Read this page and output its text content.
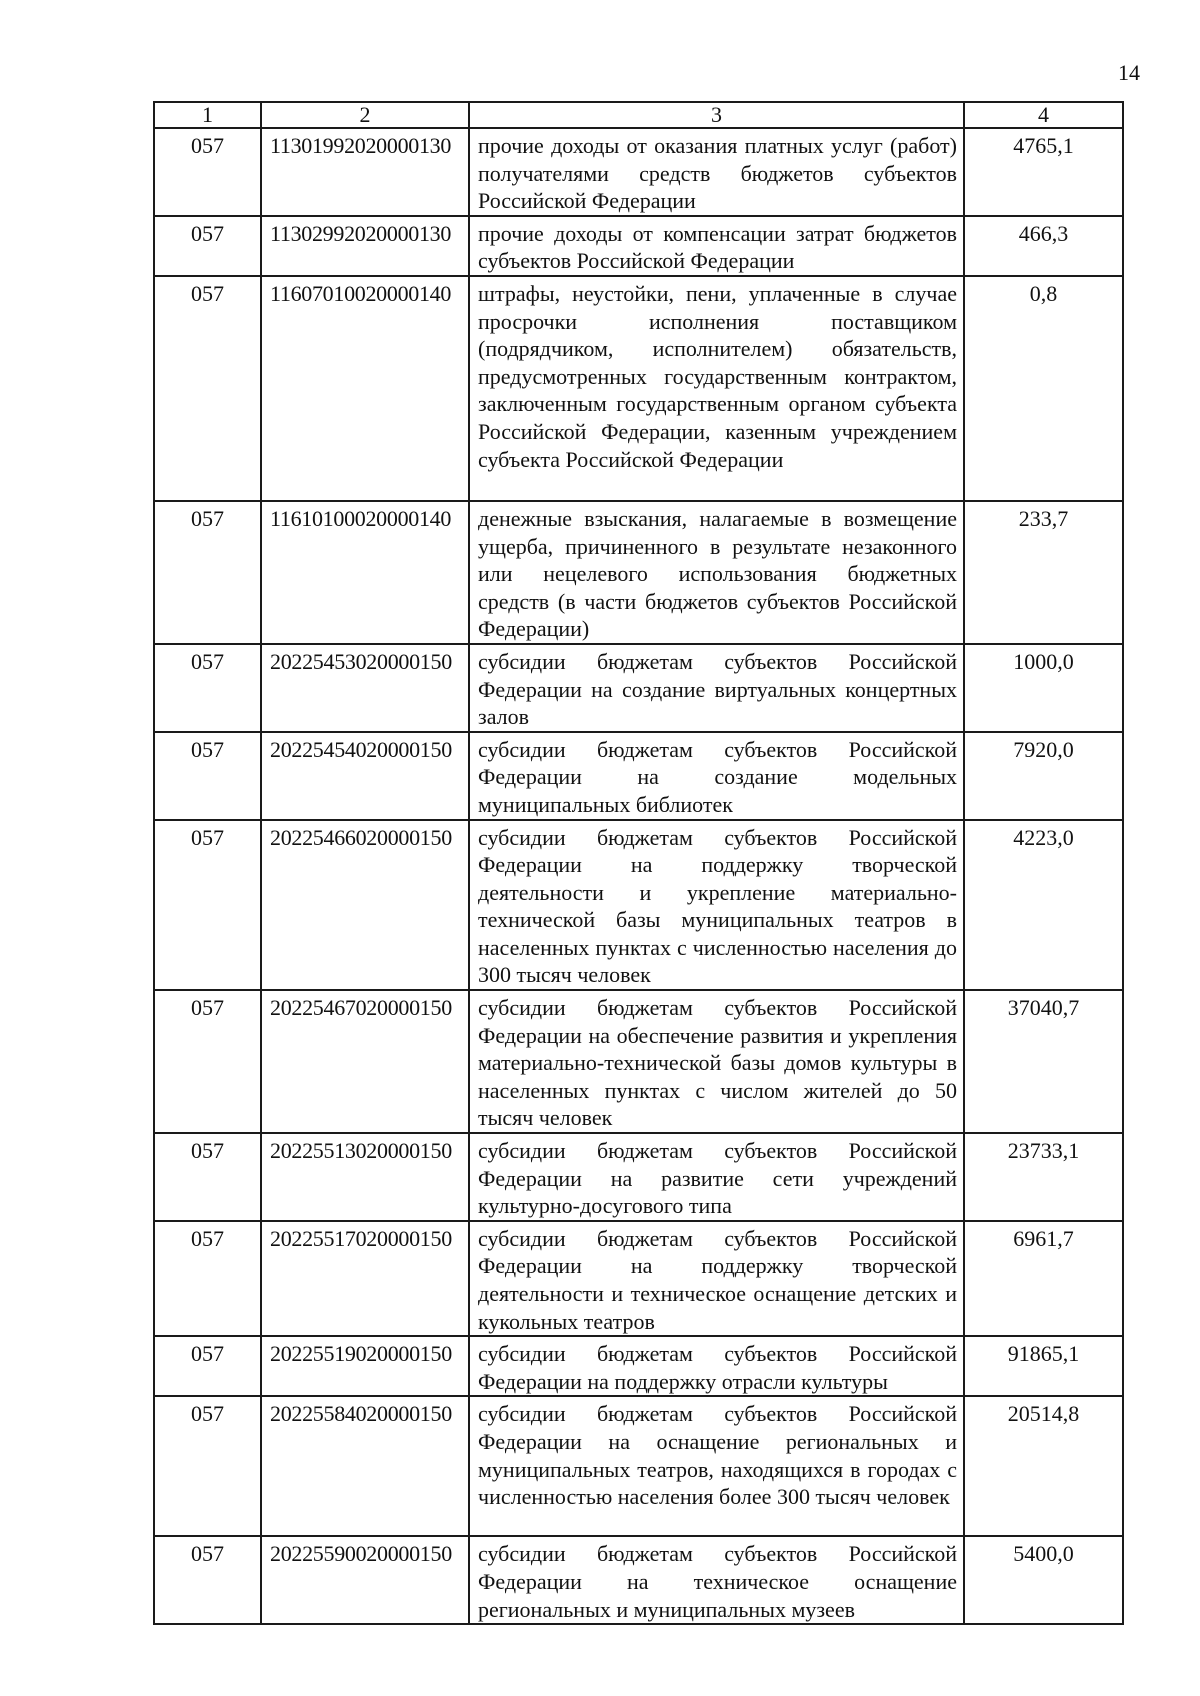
14
1	2	3	4
057	11301992020000130	прочие доходы от оказания платных услуг (работ) получателями средств бюджетов субъектов Российской Федерации	4765,1
057	11302992020000130	прочие доходы от компенсации затрат бюджетов субъектов Российской Федерации	466,3
057	11607010020000140	штрафы, неустойки, пени, уплаченные в случае просрочки исполнения поставщиком (подрядчиком, исполнителем) обязательств, предусмотренных государственным контрактом, заключенным государственным органом субъекта Российской Федерации, казенным учреждением субъекта Российской Федерации	0,8
057	11610100020000140	денежные взыскания, налагаемые в возмещение ущерба, причиненного в результате незаконного или нецелевого использования бюджетных средств (в части бюджетов субъектов Российской Федерации)	233,7
057	20225453020000150	субсидии бюджетам субъектов Российской Федерации на создание виртуальных концертных залов	1000,0
057	20225454020000150	субсидии бюджетам субъектов Российской Федерации на создание модельных муниципальных библиотек	7920,0
057	20225466020000150	субсидии бюджетам субъектов Российской Федерации на поддержку творческой деятельности и укрепление материально-технической базы муниципальных театров в населенных пунктах с численностью населения до 300 тысяч человек	4223,0
057	20225467020000150	субсидии бюджетам субъектов Российской Федерации на обеспечение развития и укрепления материально-технической базы домов культуры в населенных пунктах с числом жителей до 50 тысяч человек	37040,7
057	20225513020000150	субсидии бюджетам субъектов Российской Федерации на развитие сети учреждений культурно-досугового типа	23733,1
057	20225517020000150	субсидии бюджетам субъектов Российской Федерации на поддержку творческой деятельности и техническое оснащение детских и кукольных театров	6961,7
057	20225519020000150	субсидии бюджетам субъектов Российской Федерации на поддержку отрасли культуры	91865,1
057	20225584020000150	субсидии бюджетам субъектов Российской Федерации на оснащение региональных и муниципальных театров, находящихся в городах с численностью населения более 300 тысяч человек	20514,8
057	20225590020000150	субсидии бюджетам субъектов Российской Федерации на техническое оснащение региональных и муниципальных музеев	5400,0
